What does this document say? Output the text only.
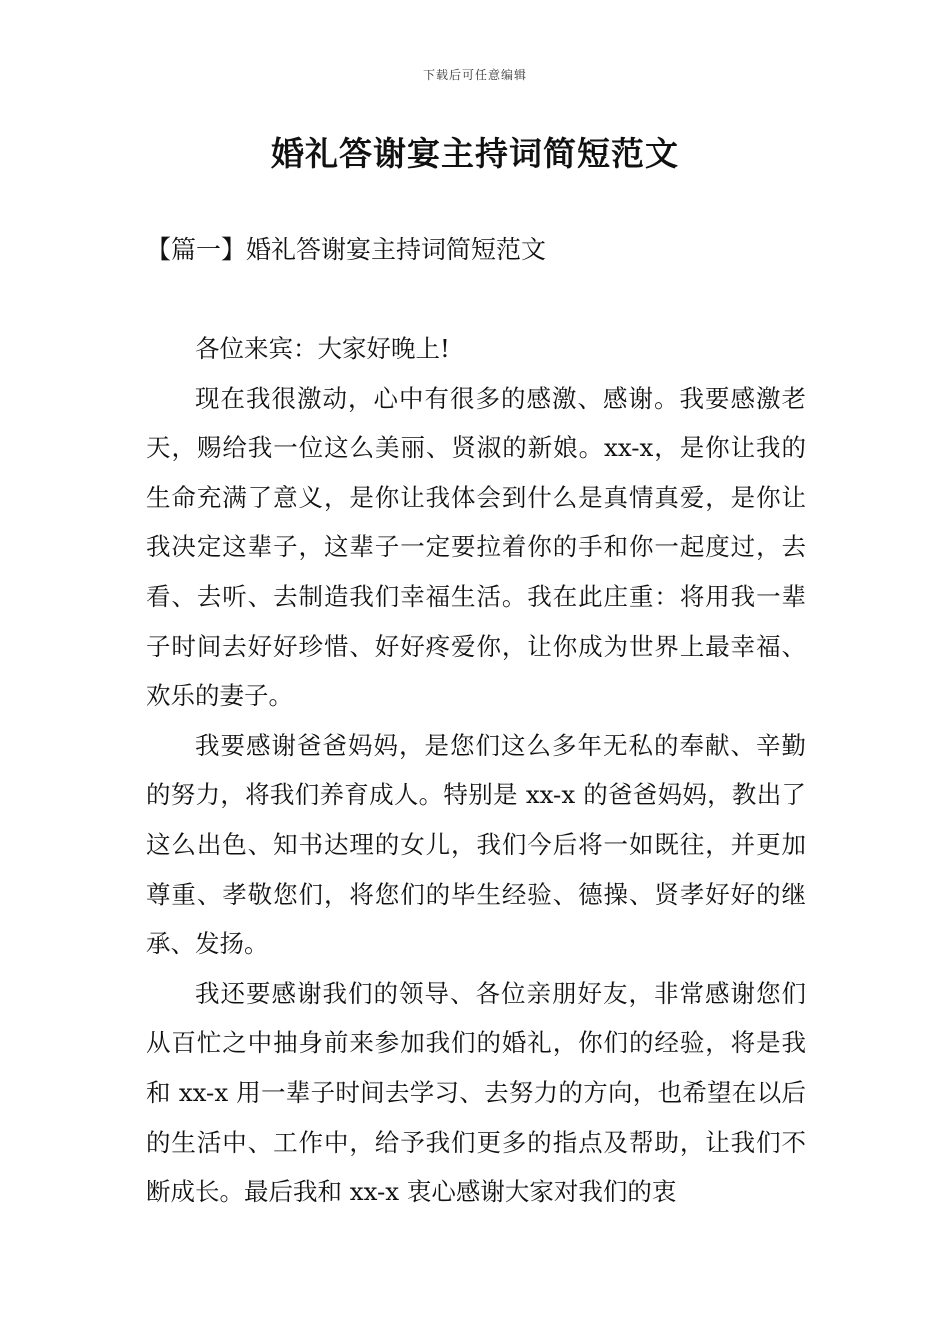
下载后可任意编辑
婚礼答谢宴主持词简短范文
【篇一】婚礼答谢宴主持词简短范文

各位来宾：大家好晚上!

现在我很激动，心中有很多的感激、感谢。我要感激老天，赐给我一位这么美丽、贤淑的新娘。xx-x，是你让我的生命充满了意义，是你让我体会到什么是真情真爱，是你让我决定这辈子，这辈子一定要拉着你的手和你一起度过，去看、去听、去制造我们幸福生活。我在此庄重：将用我一辈子时间去好好珍惜、好好疼爱你，让你成为世界上最幸福、欢乐的妻子。

我要感谢爸爸妈妈，是您们这么多年无私的奉献、辛勤的努力，将我们养育成人。特别是 xx-x 的爸爸妈妈，教出了这么出色、知书达理的女儿，我们今后将一如既往，并更加尊重、孝敬您们，将您们的毕生经验、德操、贤孝好好的继承、发扬。

我还要感谢我们的领导、各位亲朋好友，非常感谢您们从百忙之中抽身前来参加我们的婚礼，你们的经验，将是我和 xx-x 用一辈子时间去学习、去努力的方向，也希望在以后的生活中、工作中，给予我们更多的指点及帮助，让我们不断成长。最后我和 xx-x 衷心感谢大家对我们的衷
